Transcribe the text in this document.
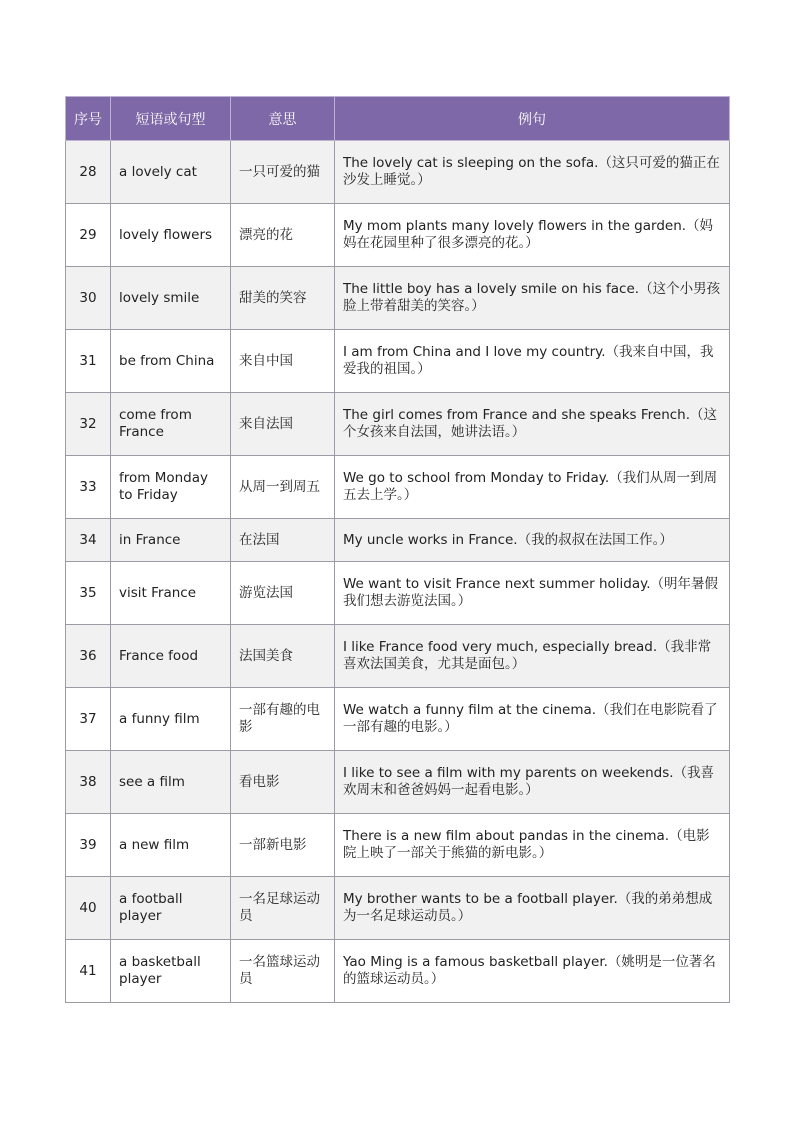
序号	短语或句型	意思	例句
28	a lovely cat	一只可爱的猫	The lovely cat is sleeping on the sofa.（这只可爱的猫正在沙发上睡觉。）
29	lovely flowers	漂亮的花	My mom plants many lovely flowers in the garden.（妈妈在花园里种了很多漂亮的花。）
30	lovely smile	甜美的笑容	The little boy has a lovely smile on his face.（这个小男孩脸上带着甜美的笑容。）
31	be from China	来自中国	I am from China and I love my country.（我来自中国，我爱我的祖国。）
32	come from France	来自法国	The girl comes from France and she speaks French.（这个女孩来自法国，她讲法语。）
33	from Monday to Friday	从周一到周五	We go to school from Monday to Friday.（我们从周一到周五去上学。）
34	in France	在法国	My uncle works in France.（我的叔叔在法国工作。）
35	visit France	游览法国	We want to visit France next summer holiday.（明年暑假我们想去游览法国。）
36	France food	法国美食	I like France food very much, especially bread.（我非常喜欢法国美食，尤其是面包。）
37	a funny film	一部有趣的电影	We watch a funny film at the cinema.（我们在电影院看了一部有趣的电影。）
38	see a film	看电影	I like to see a film with my parents on weekends.（我喜欢周末和爸爸妈妈一起看电影。）
39	a new film	一部新电影	There is a new film about pandas in the cinema.（电影院上映了一部关于熊猫的新电影。）
40	a football player	一名足球运动员	My brother wants to be a football player.（我的弟弟想成为一名足球运动员。）
41	a basketball player	一名篮球运动员	Yao Ming is a famous basketball player.（姚明是一位著名的篮球运动员。）
